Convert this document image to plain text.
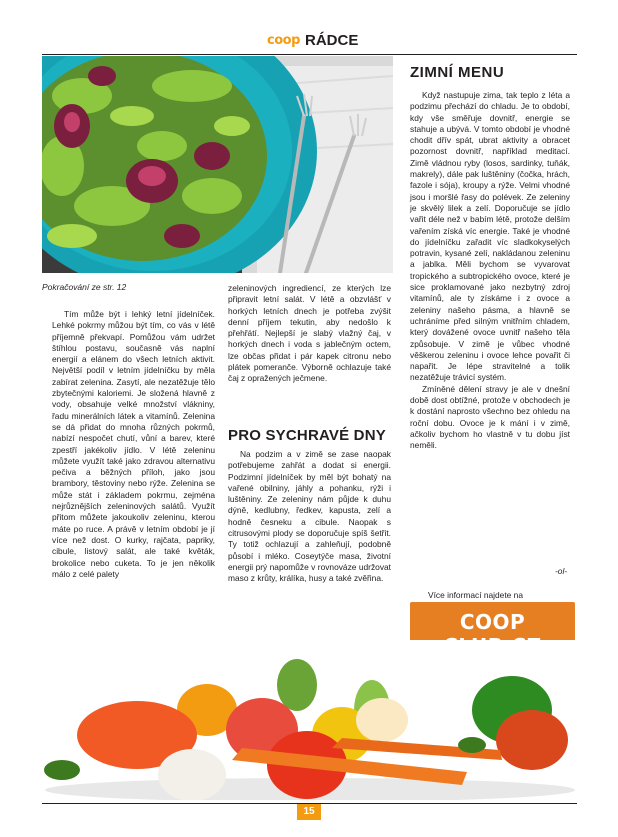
coop RÁDCE
Pokračování ze str. 12

Tím může být i lehký letní jídelníček. Lehké pokrmy můžou být tím, co vás v létě příjemně překvapí. Pomůžou vám udržet štíhlou postavu, současně vás naplní energií a elánem do všech letních aktivit. Největší podíl v letním jídelníčku by měla zabírat zelenina. Zasytí, ale nezatěžuje tělo zbytečnými kaloriemi. Je složená hlavně z vody, obsahuje velké množství vlákniny, řadu minerálních látek a vitamínů. Zelenina se dá přidat do mnoha různých pokrmů, nabízí nespočet chutí, vůní a barev, které zpestří jakékoliv jídlo. V létě zeleninu můžete využít také jako zdravou alternativu pečiva a běžných příloh, jako jsou brambory, těstoviny nebo rýže. Zelenina se může stát i základem pokrmu, zejména nejrůznějších zeleninových salátů. Využít přitom můžete jakoukoliv zeleninu, kterou máte po ruce. A právě v letním období je jí více než dost. O kurky, rajčata, papriky, cibule, listový salát, ale také květák, brokolice nebo cuketa. To je jen několik málo z celé palety

zeleninových ingrediencí, ze kterých lze připravit letní salát. V létě a obzvlášť v horkých letních dnech je potřeba zvýšit denní příjem tekutin, aby nedošlo k přehřátí. Nejlepší je slabý vlažný čaj, v horkých dnech i voda s jablečným octem, lze občas přidat i pár kapek citronu nebo plátek pomeranče. Výborně ochlazuje také čaj z opražených ječmene.

PRO SYCHRAVÉ DNY

Na podzim a v zimě se zase naopak potřebujeme zahřát a dodat si energii. Podzimní jídelníček by měl být bohatý na vařené obilniny, jáhly a pohanku, rýži i luštěniny. Ze zeleniny nám půjde k duhu dýně, kedlubny, ředkev, kapusta, zelí a hodně česneku a cibule. Naopak s citrusovými plody se doporučuje spíš šetřit. Ty totiž ochlazují a zahleňují, podobně působí i mléko. Coseytýče masa, životní energii prý napomůže v rovnováze udržovat maso z krůty, králíka, husy a také zvěřina.

ZIMNÍ MENU

Když nastupuje zima, tak teplo z léta a podzimu přechází do chladu. Je to období, kdy vše směřuje dovnitř, energie se stahuje a ubývá. V tomto období je vhodné chodit dřív spát, ubrat aktivity a obracet pozornost dovnitř, například meditací. Zimě vládnou ryby (losos, sardinky, tuňák, makrely), dále pak luštěniny (čočka, hrách, fazole i sója), kroupy a rýže. Velmi vhodné jsou i moršlé řasy do polévek. Ze zeleniny je skvělý lilek a zelí. Doporučuje se jídlo vařit déle než v babím létě, protože delším vařením získá víc energie. Také je vhodné do jídelníčku zařadit víc sladkokyselých potravin, kysané zelí, nakládanou zeleninu a jablka. Měli bychom se vyvarovat tropického a subtropického ovoce, které je sice proklamované jako nezbytný zdroj vitamínů, ale ty získáme i z ovoce a zeleniny našeho pásma, a hlavně se uchráníme před silným vnitřním chladem, který dovážené ovoce uvnitř našeho těla způsobuje. V zimě je vůbec vhodné věškerou zeleninu i ovoce lehce povařit či napařit. Je lépe stravitelné a tolik nezatěžuje trávicí systém.

Zmíněné dělení stravy je ale v dnešní době dost obtížné, protože v obchodech je k dostání naprosto všechno bez ohledu na roční dobu. Ovoce je k mání i v zimě, ačkoliv bychom ho vlastně v tu dobu jíst neměli.

-ol-
Více informací najdete na
COOP
15
